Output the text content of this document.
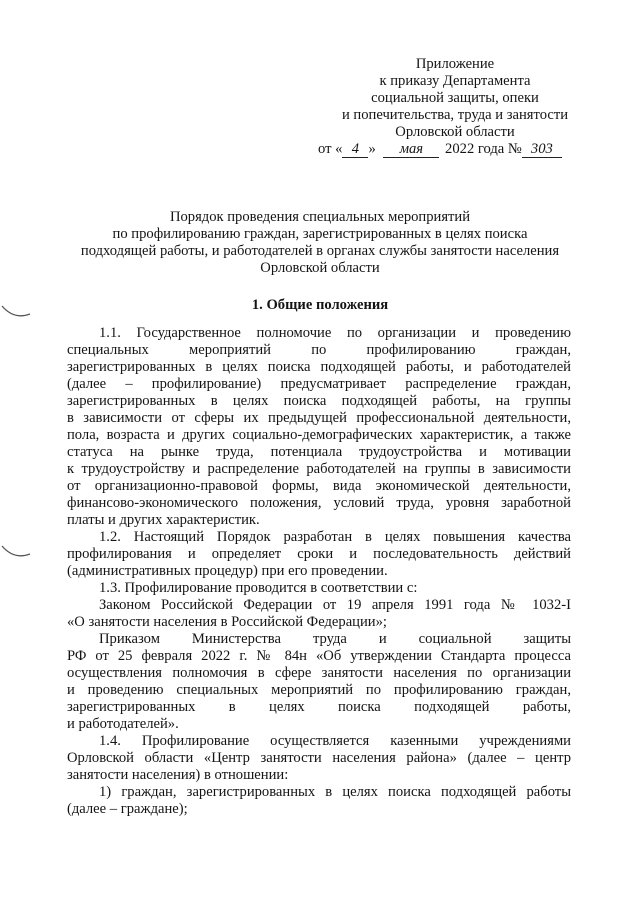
Приложение

к приказу Департамента

социальной защиты, опеки

и попечительства, труда и занятости

Орловской области

от « 4 » мая 2022 года № 303

Порядок проведения специальных мероприятий

по профилированию граждан, зарегистрированных в целях поиска

подходящей работы, и работодателей в органах службы занятости населения

Орловской области

1. Общие положения

1.1. Государственное полномочие по организации и проведению

специальных мероприятий по профилированию граждан,

зарегистрированных в целях поиска подходящей работы, и работодателей

(далее – профилирование) предусматривает распределение граждан,

зарегистрированных в целях поиска подходящей работы, на группы

в зависимости от сферы их предыдущей профессиональной деятельности,

пола, возраста и других социально-демографических характеристик, а также

статуса на рынке труда, потенциала трудоустройства и мотивации

к трудоустройству и распределение работодателей на группы в зависимости

от организационно-правовой формы, вида экономической деятельности,

финансово-экономического положения, условий труда, уровня заработной

платы и других характеристик.

1.2. Настоящий Порядок разработан в целях повышения качества

профилирования и определяет сроки и последовательность действий

(административных процедур) при его проведении.

1.3. Профилирование проводится в соответствии с:

Законом Российской Федерации от 19 апреля 1991 года № 1032-I

«О занятости населения в Российской Федерации»;

Приказом Министерства труда и социальной защиты

РФ от 25 февраля 2022 г. № 84н «Об утверждении Стандарта процесса

осуществления полномочия в сфере занятости населения по организации

и проведению специальных мероприятий по профилированию граждан,

зарегистрированных в целях поиска подходящей работы,

и работодателей».

1.4. Профилирование осуществляется казенными учреждениями

Орловской области «Центр занятости населения района» (далее – центр

занятости населения) в отношении:

1) граждан, зарегистрированных в целях поиска подходящей работы

(далее – граждане);
